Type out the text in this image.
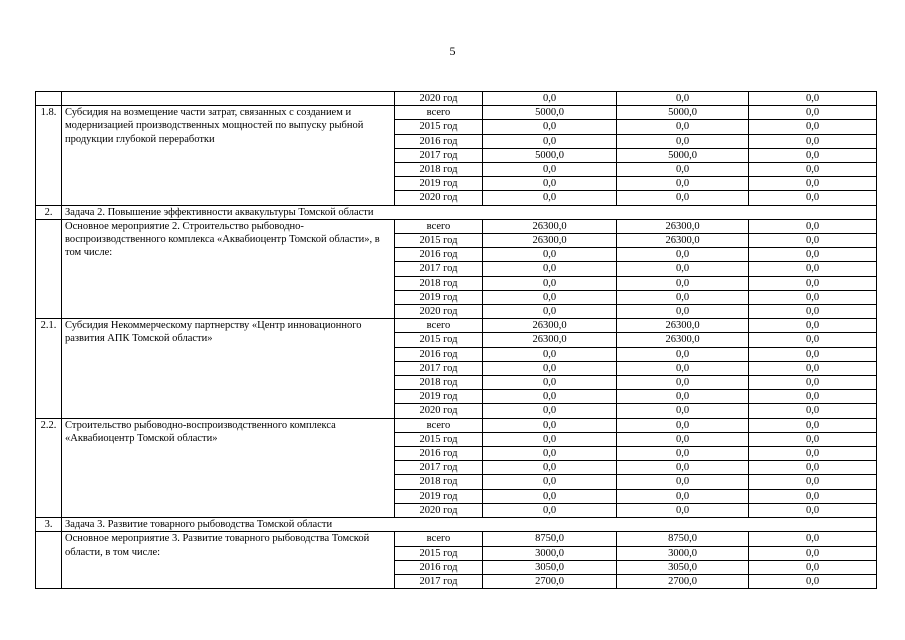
5
		2020 год	0,0	0,0	0,0
1.8.	Субсидия на возмещение части затрат, связанных с созданием и модернизацией производственных мощностей по выпуску рыбной продукции глубокой переработки	всего	5000,0	5000,0	0,0
		2015 год	0,0	0,0	0,0
		2016 год	0,0	0,0	0,0
		2017 год	5000,0	5000,0	0,0
		2018 год	0,0	0,0	0,0
		2019 год	0,0	0,0	0,0
		2020 год	0,0	0,0	0,0
2.	Задача 2. Повышение эффективности аквакультуры Томской области				
	Основное мероприятие 2. Строительство рыбоводно-воспроизводственного комплекса «Аквабиоцентр Томской области», в том числе:	всего	26300,0	26300,0	0,0
		2015 год	26300,0	26300,0	0,0
		2016 год	0,0	0,0	0,0
		2017 год	0,0	0,0	0,0
		2018 год	0,0	0,0	0,0
		2019 год	0,0	0,0	0,0
		2020 год	0,0	0,0	0,0
2.1.	Субсидия Некоммерческому партнерству «Центр инновационного развития АПК Томской области»	всего	26300,0	26300,0	0,0
		2015 год	26300,0	26300,0	0,0
		2016 год	0,0	0,0	0,0
		2017 год	0,0	0,0	0,0
		2018 год	0,0	0,0	0,0
		2019 год	0,0	0,0	0,0
		2020 год	0,0	0,0	0,0
2.2.	Строительство рыбоводно-воспроизводственного комплекса «Аквабиоцентр Томской области»	всего	0,0	0,0	0,0
		2015 год	0,0	0,0	0,0
		2016 год	0,0	0,0	0,0
		2017 год	0,0	0,0	0,0
		2018 год	0,0	0,0	0,0
		2019 год	0,0	0,0	0,0
		2020 год	0,0	0,0	0,0
3.	Задача 3. Развитие товарного рыбоводства Томской области				
	Основное мероприятие 3. Развитие товарного рыбоводства Томской области, в том числе:	всего	8750,0	8750,0	0,0
		2015 год	3000,0	3000,0	0,0
		2016 год	3050,0	3050,0	0,0
		2017 год	2700,0	2700,0	0,0
